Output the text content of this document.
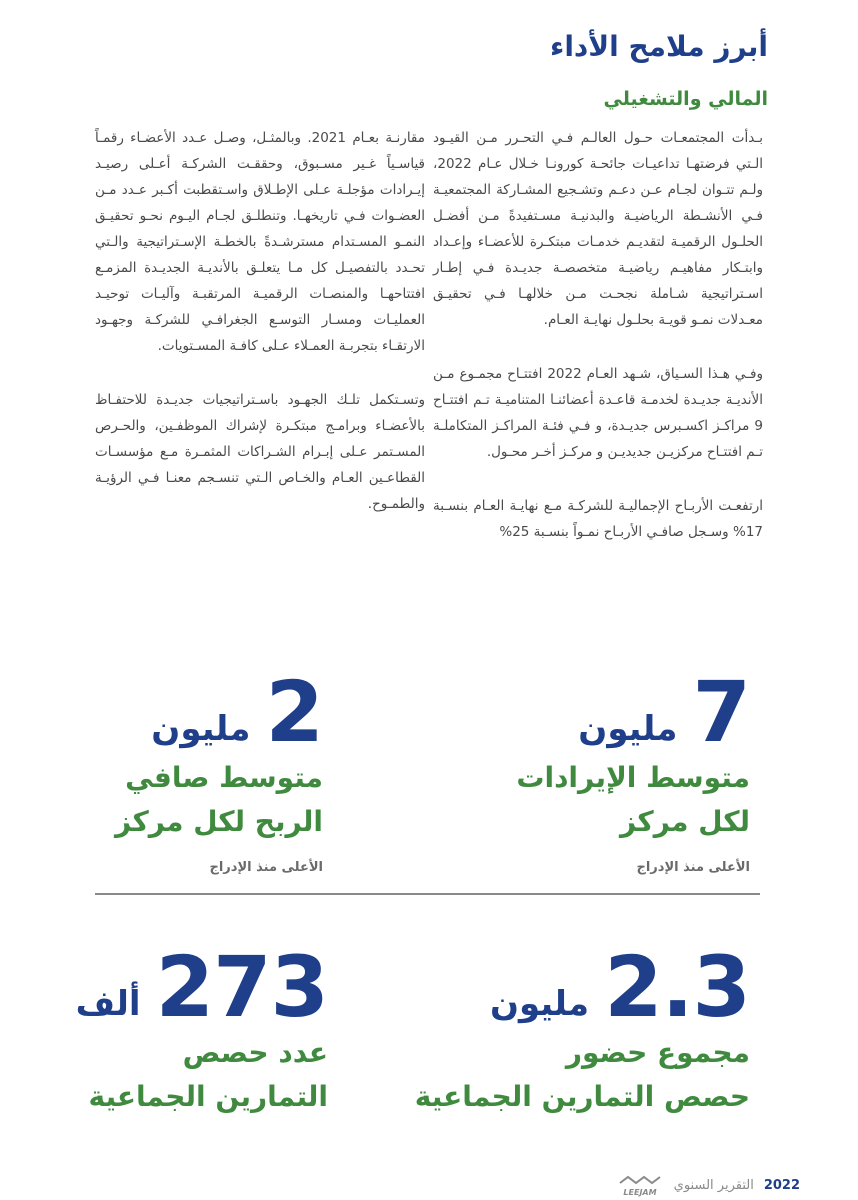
أبرز ملامح الأداء
المالي والتشغيلي

بـدأت المجتمعـات حـول العالـم فـي التحـرر مـن القيـود الـتي فرضتهـا تداعيـات جائحـة كورونـا خـلال عـام 2022، ولـم تتـوان لجـام عـن دعـم وتشـجيع المشـاركة المجتمعيـة فـي الأنشـطة الرياضيـة والبدنيـة مسـتفيدةً مـن أفضـل الحلـول الرقميـة لتقديـم خدمـات مبتكـرة للأعضـاء وإعـداد وابتـكار مفاهيـم رياضيـة متخصصـة جديـدة فـي إطـار اسـتراتيجية شـاملة نجحـت مـن خلالهـا فـي تحقيـق معـدلات نمـو قويـة بحلـول نهايـة العـام.

وفـي هـذا السـياق، شـهد العـام 2022 افتتـاح مجمـوع مـن الأنديـة جديـدة لخدمـة قاعـدة أعضائنـا المتناميـة تـم افتتـاح 9 مراكـز اكسـبرس جديـدة، و فـي فئـة المراكـز المتكاملـة تـم افتتـاح مركزيـن جديديـن و مركـز أخـر محـول.

ارتفعـت الأربـاح الإجماليـة للشركـة مـع نهايـة العـام بنسـبة 17% وسـجل صافـي الأربـاح نمـواً بنسـبة 25%

مقارنـة بعـام 2021. وبالمثـل، وصـل عـدد الأعضـاء رقمـاً قياسـياً غـير مسـبوق، وحققـت الشركـة أعـلى رصيـد إيـرادات مؤجلـة عـلى الإطـلاق واسـتقطبت أكـبر عـدد مـن العضـوات فـي تاريخهـا. وتنطلـق لجـام اليـوم نحـو تحقيـق النمـو المسـتدام مسترشـدةً بالخطـة الإسـتراتيجية والـتي تحـدد بالتفصيـل كل مـا يتعلـق بالأنديـة الجديـدة المزمـع افتتاحهـا والمنصـات الرقميـة المرتقبـة وآليـات توحيـد العمليـات ومسـار التوسـع الجغرافـي للشركـة وجهـود الارتقـاء بتجربـة العمـلاء عـلى كافـة المسـتويات.

وتسـتكمل تلـك الجهـود باسـتراتيجيات جديـدة للاحتفـاظ بالأعضـاء وبرامـج مبتكـرة لإشراك الموظفـين، والحـرص المسـتمر عـلى إبـرام الشـراكات المثمـرة مـع مؤسسـات القطاعـين العـام والخـاص الـتي تنسـجم معنـا فـي الرؤيـة والطمـوح.

7 مليون
متوسط الإيرادات
لكل مركز
الأعلى منذ الإدراج
2 مليون
متوسط صافي
الربح لكل مركز
الأعلى منذ الإدراج
2.3 مليون
مجموع حضور
حصص التمارين الجماعية
273 ألف
عدد حصص
التمارين الجماعية
2022
التقرير السنوي
LEEJAM
